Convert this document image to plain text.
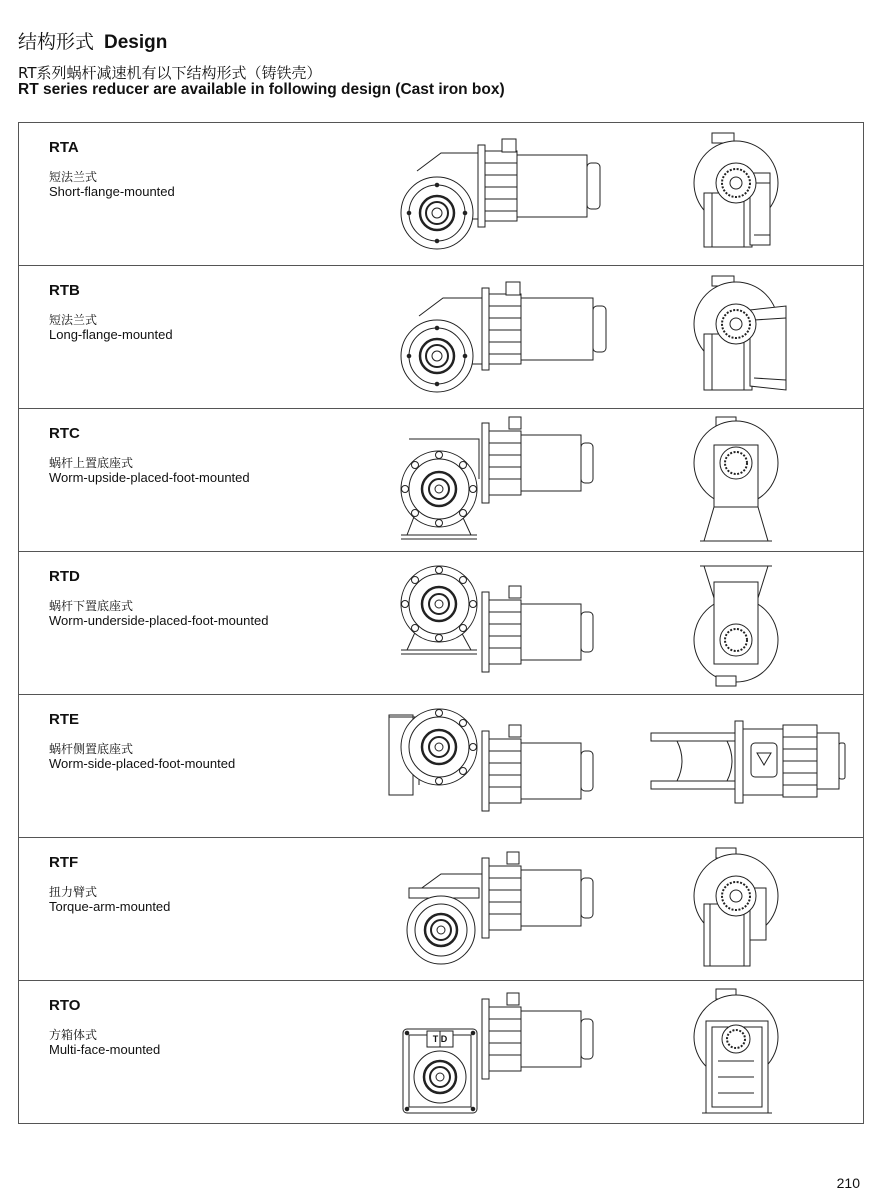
结构形式 Design
RT系列蜗杆减速机有以下结构形式（铸铁壳）
RT series reducer are available in following design (Cast iron box)
RTA
短法兰式
Short-flange-mounted
RTB
短法兰式
Long-flange-mounted
RTC
蜗杆上置底座式
Worm-upside-placed-foot-mounted
RTD
蜗杆下置底座式
Worm-underside-placed-foot-mounted
RTE
蜗杆侧置底座式
Worm-side-placed-foot-mounted
RTF
扭力臂式
Torque-arm-mounted
RTO
方箱体式
Multi-face-mounted
T D
210
